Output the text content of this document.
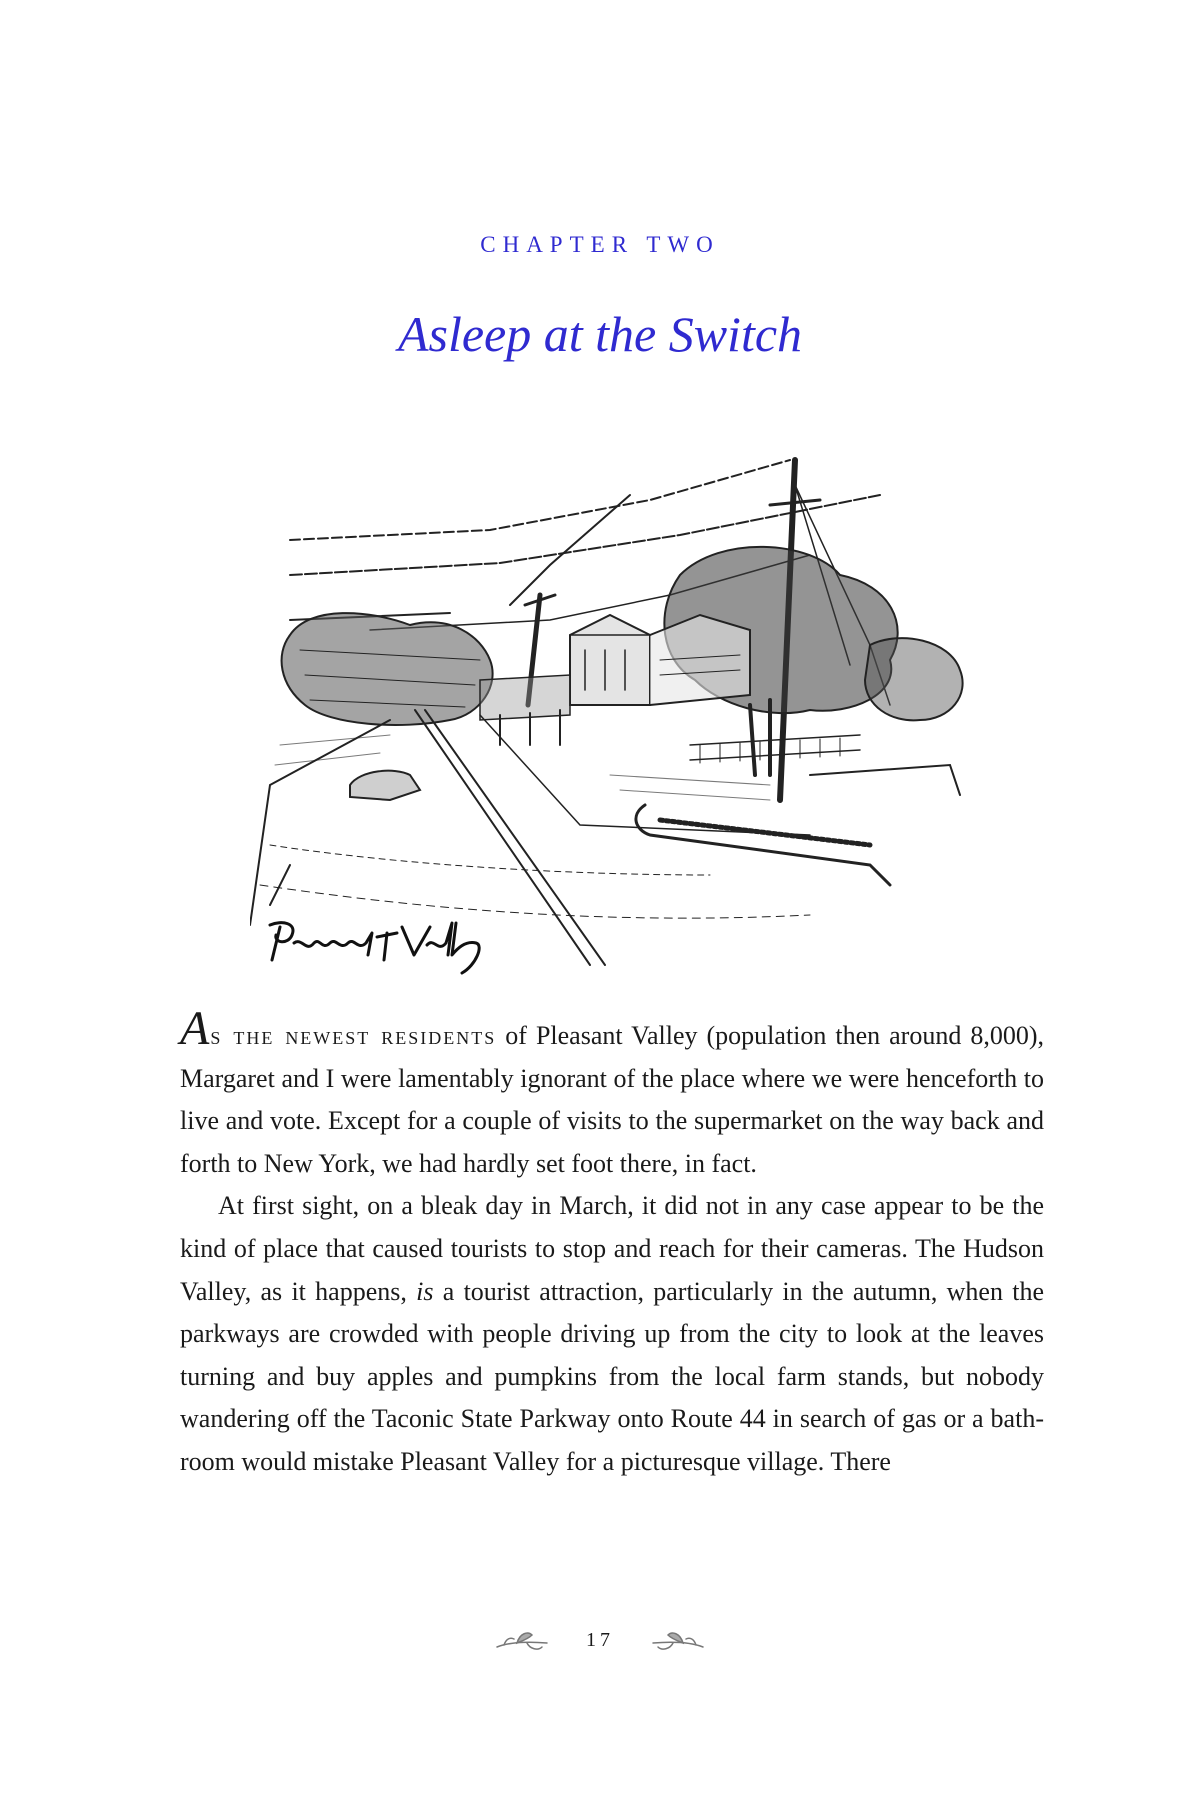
CHAPTER TWO
Asleep at the Switch

As the newest residents of Pleasant Valley (population then around 8,000), Margaret and I were lamentably ignorant of the place where we were henceforth to live and vote. Except for a couple of visits to the supermarket on the way back and forth to New York, we had hardly set foot there, in fact.

At first sight, on a bleak day in March, it did not in any case appear to be the kind of place that caused tourists to stop and reach for their cameras. The Hudson Valley, as it happens, is a tourist attraction, particularly in the autumn, when the parkways are crowded with people driving up from the city to look at the leaves turning and buy apples and pumpkins from the local farm stands, but nobody wandering off the Taconic State Parkway onto Route 44 in search of gas or a bathroom would mistake Pleasant Valley for a picturesque village. There

17
